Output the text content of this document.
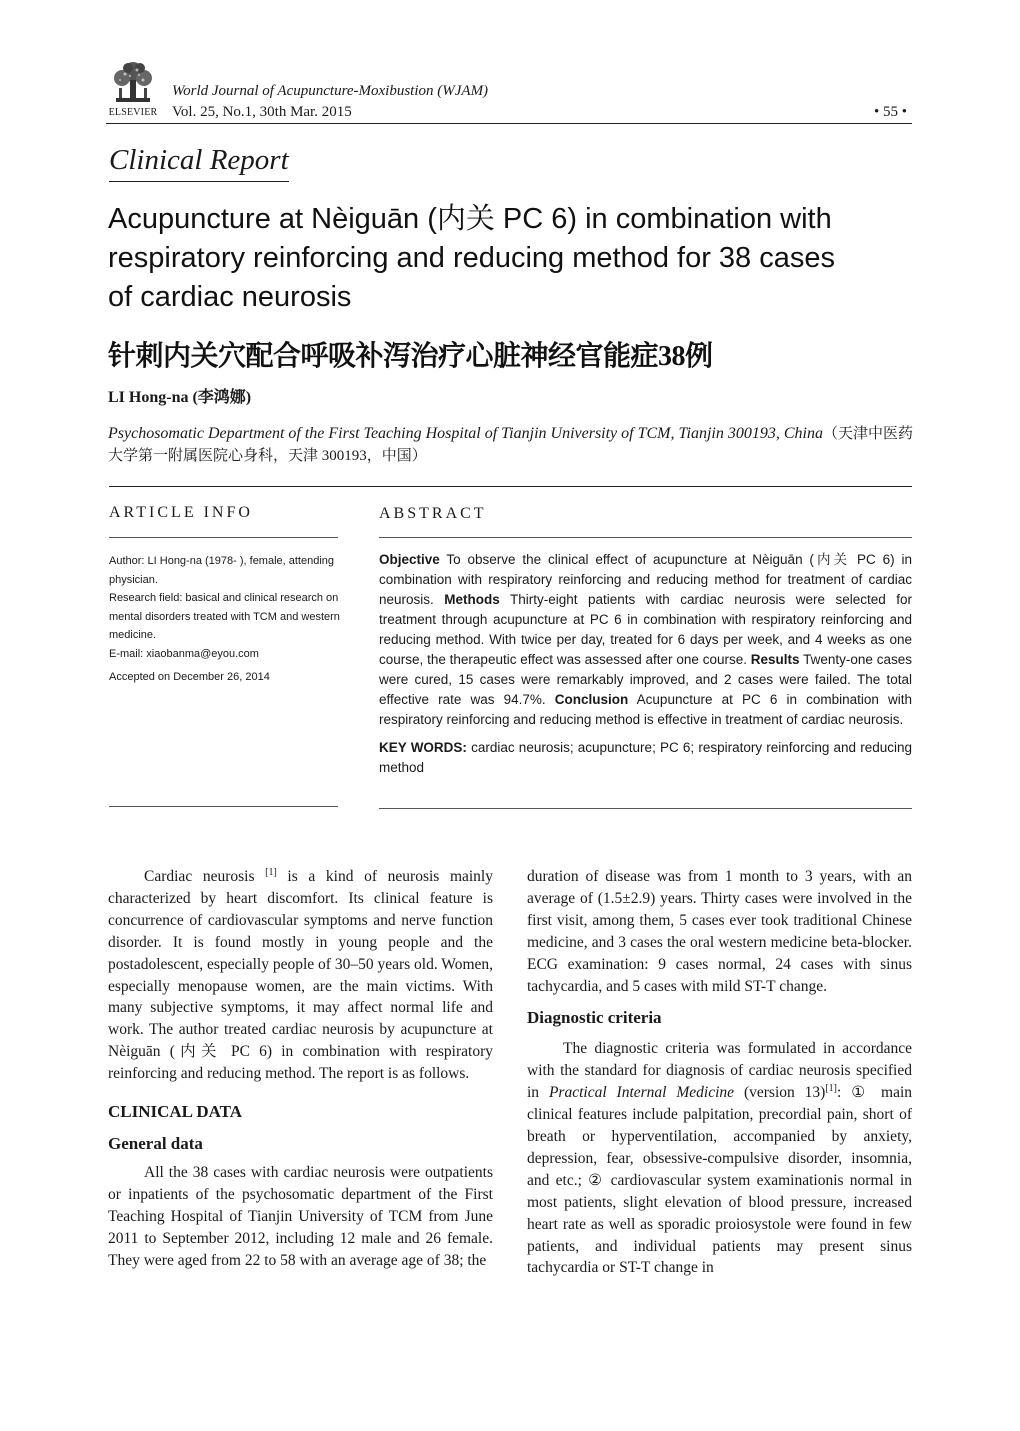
ELSEVIER
World Journal of Acupuncture-Moxibustion (WJAM)
Vol. 25, No.1, 30th Mar. 2015	• 55 •
Clinical Report
Acupuncture at Nèiguān (内关 PC 6) in combination with respiratory reinforcing and reducing method for 38 cases of cardiac neurosis
针刺内关穴配合呼吸补泻治疗心脏神经官能症38例
LI Hong-na (李鸿娜)
Psychosomatic Department of the First Teaching Hospital of Tianjin University of TCM, Tianjin 300193, China（天津中医药大学第一附属医院心身科，天津 300193，中国）
ARTICLE INFO	ABSTRACT

Author: LI Hong-na (1978- ), female, attending physician.

Research field: basical and clinical research on mental disorders treated with TCM and western medicine.

E-mail: xiaobanma@eyou.com

Accepted on December 26, 2014

Objective To observe the clinical effect of acupuncture at Nèiguān (内关 PC 6) in combination with respiratory reinforcing and reducing method for treatment of cardiac neurosis. Methods Thirty-eight patients with cardiac neurosis were selected for treatment through acupuncture at PC 6 in combination with respiratory reinforcing and reducing method. With twice per day, treated for 6 days per week, and 4 weeks as one course, the therapeutic effect was assessed after one course. Results Twenty-one cases were cured, 15 cases were remarkably improved, and 2 cases were failed. The total effective rate was 94.7%. Conclusion Acupuncture at PC 6 in combination with respiratory reinforcing and reducing method is effective in treatment of cardiac neurosis.

KEY WORDS: cardiac neurosis; acupuncture; PC 6; respiratory reinforcing and reducing method

Cardiac neurosis [1] is a kind of neurosis mainly characterized by heart discomfort. Its clinical feature is concurrence of cardiovascular symptoms and nerve function disorder. It is found mostly in young people and the postadolescent, especially people of 30–50 years old. Women, especially menopause women, are the main victims. With many subjective symptoms, it may affect normal life and work. The author treated cardiac neurosis by acupuncture at Nèiguān (内关 PC 6) in combination with respiratory reinforcing and reducing method. The report is as follows.

CLINICAL DATA
General data

All the 38 cases with cardiac neurosis were outpatients or inpatients of the psychosomatic department of the First Teaching Hospital of Tianjin University of TCM from June 2011 to September 2012, including 12 male and 26 female. They were aged from 22 to 58 with an average age of 38; the

duration of disease was from 1 month to 3 years, with an average of (1.5±2.9) years. Thirty cases were involved in the first visit, among them, 5 cases ever took traditional Chinese medicine, and 3 cases the oral western medicine beta-blocker. ECG examination: 9 cases normal, 24 cases with sinus tachycardia, and 5 cases with mild ST-T change.

Diagnostic criteria

The diagnostic criteria was formulated in accordance with the standard for diagnosis of cardiac neurosis specified in Practical Internal Medicine (version 13)[1]: ① main clinical features include palpitation, precordial pain, short of breath or hyperventilation, accompanied by anxiety, depression, fear, obsessive-compulsive disorder, insomnia, and etc.; ② cardiovascular system examinationis normal in most patients, slight elevation of blood pressure, increased heart rate as well as sporadic proiosystole were found in few patients, and individual patients may present sinus tachycardia or ST-T change in
